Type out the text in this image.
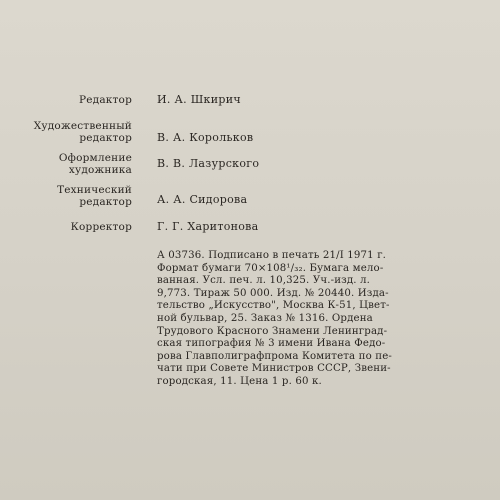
Редактор И. А. Шкирич
Художественный
редактор В. А. Корольков
Оформление
художника В. В. Лазурского
Технический
редактор А. А. Сидорова
Корректор Г. Г. Харитонова
А 03736. Подписано в печать 21/I 1971 г.
Формат бумаги 70×108¹/₃₂. Бумага мело-
ванная. Усл. печ. л. 10,325. Уч.-изд. л.
9,773. Тираж 50 000. Изд. № 20440. Изда-
тельство „Искусство", Москва К-51, Цвет-
ной бульвар, 25. Заказ № 1316. Ордена
Трудового Красного Знамени Ленинград-
ская типография № 3 имени Ивана Федо-
рова Главполиграфпрома Комитета по пе-
чати при Совете Министров СССР, Звени-
городская, 11. Цена 1 р. 60 к.
